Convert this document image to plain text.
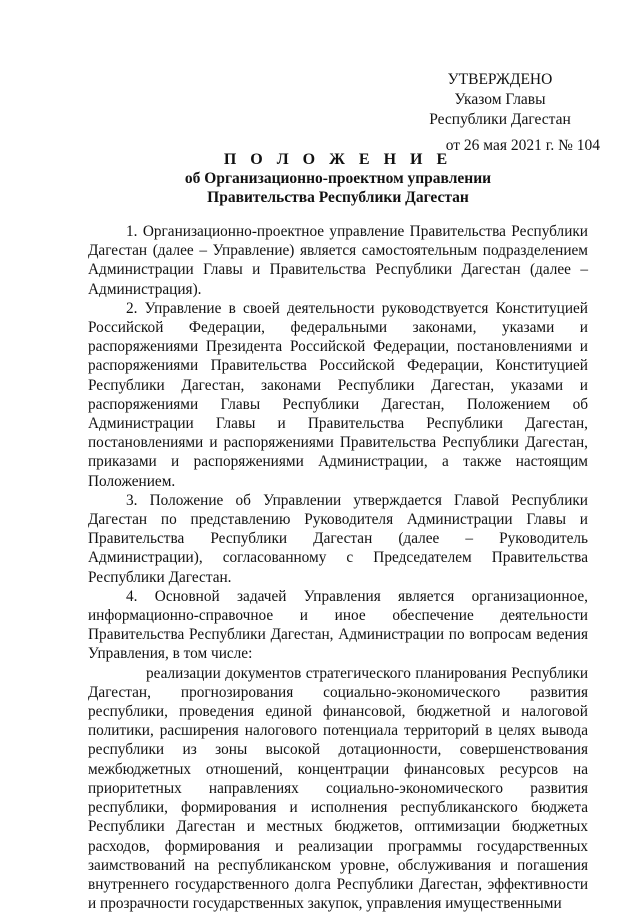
УТВЕРЖДЕНО
Указом Главы
Республики Дагестан
от 26 мая 2021 г. № 104
П О Л О Ж Е Н И Е
об Организационно-проектном управлении
Правительства Республики Дагестан

1. Организационно-проектное управление Правительства Республики Дагестан (далее – Управление) является самостоятельным подразделением Администрации Главы и Правительства Республики Дагестан (далее – Администрация).

2. Управление в своей деятельности руководствуется Конституцией Российской Федерации, федеральными законами, указами и распоряжениями Президента Российской Федерации, постановлениями и распоряжениями Правительства Российской Федерации, Конституцией Республики Дагестан, законами Республики Дагестан, указами и распоряжениями Главы Республики Дагестан, Положением об Администрации Главы и Правительства Республики Дагестан, постановлениями и распоряжениями Правительства Республики Дагестан, приказами и распоряжениями Администрации, а также настоящим Положением.

3. Положение об Управлении утверждается Главой Республики Дагестан по представлению Руководителя Администрации Главы и Правительства Республики Дагестан (далее – Руководитель Администрации), согласованному с Председателем Правительства Республики Дагестан.

4. Основной задачей Управления является организационное, информационно-справочное и иное обеспечение деятельности Правительства Республики Дагестан, Администрации по вопросам ведения Управления, в том числе:

реализации документов стратегического планирования Республики Дагестан, прогнозирования социально-экономического развития республики, проведения единой финансовой, бюджетной и налоговой политики, расширения налогового потенциала территорий в целях вывода республики из зоны высокой дотационности, совершенствования межбюджетных отношений, концентрации финансовых ресурсов на приоритетных направлениях социально-экономического развития республики, формирования и исполнения республиканского бюджета Республики Дагестан и местных бюджетов, оптимизации бюджетных расходов, формирования и реализации программы государственных заимствований на республиканском уровне, обслуживания и погашения внутреннего государственного долга Республики Дагестан, эффективности и прозрачности государственных закупок, управления имущественными
